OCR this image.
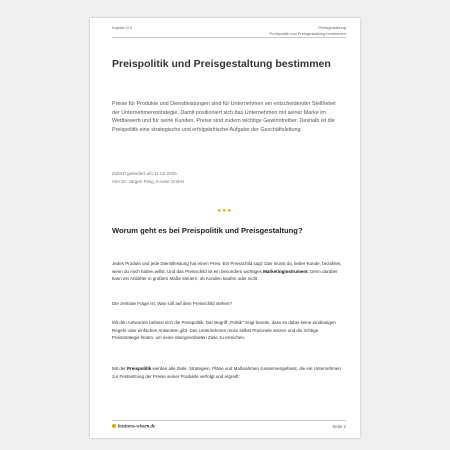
Kapitel 074	Preisgestaltung
Preispolitik und Preisgestaltung bestimmen
Preispolitik und Preisgestaltung bestimmen

Preise für Produkte und Dienstleistungen sind für Unternehmen ein entscheidender Stellhebel der Unternehmensstrategie. Damit positioniert sich das Unternehmen mit seiner Marke im Wettbewerb und für seine Kunden. Preise sind zudem wichtige Gewinntreiber. Deshalb ist die Preispolitik eine strategische und erfolgskritische Aufgabe der Geschäftsleitung.

Zuletzt geändert am 11.02.2025
Von Dr. Jürgen Fleig, b-wise GmbH
●●●
Worum geht es bei Preispolitik und Preisgestaltung?

Jedes Produkt und jede Dienstleistung hat einen Preis. Ein Preisschild sagt: Das musst du, lieber Kunde, bezahlen, wenn du mich haben willst. Und das Preisschild ist ein besonders wichtiges Marketinginstrument. Denn darüber kann ein Anbieter in großem Maße steuern, ob Kunden kaufen oder nicht.

Die zentrale Frage ist: Was soll auf dem Preisschild stehen?

Mit den Antworten befasst sich die Preispolitik. Der Begriff „Politik" zeigt bereits, dass es dabei keine eindeutigen Regeln oder einfachen Antworten gibt. Das Unternehmen muss selbst Preisziele setzen und die richtige Preisstrategie finden, um seine übergeordneten Ziele zu erreichen.

Mit der Preispolitik werden alle Ziele, Strategien, Pläne und Maßnahmen zusammengefasst, die ein Unternehmen zur Festsetzung der Preise seiner Produkte verfolgt und ergreift:

business-wissen.de	Seite 2
